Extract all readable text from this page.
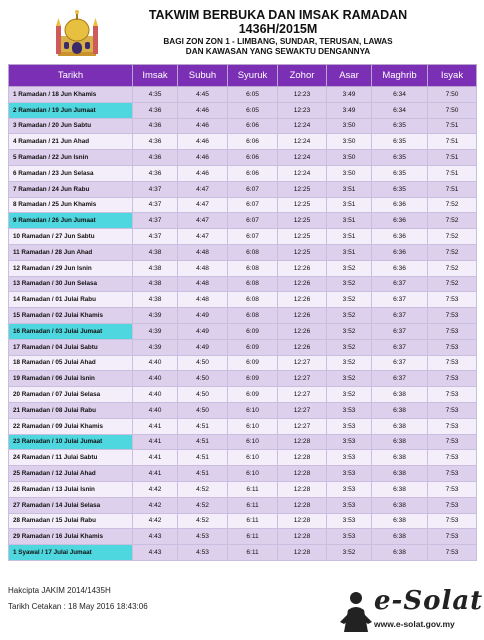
TAKWIM BERBUKA DAN IMSAK RAMADAN
1436H/2015M
BAGI ZON ZON 1 - LIMBANG, SUNDAR, TERUSAN, LAWAS
DAN KAWASAN YANG SEWAKTU DENGANNYA
Tarikh	Imsak	Subuh	Syuruk	Zohor	Asar	Maghrib	Isyak
1 Ramadan / 18 Jun Khamis	4:35	4:45	6:05	12:23	3:49	6:34	7:50
2 Ramadan / 19 Jun Jumaat	4:36	4:46	6:05	12:23	3:49	6:34	7:50
3 Ramadan / 20 Jun Sabtu	4:36	4:46	6:06	12:24	3:50	6:35	7:51
4 Ramadan / 21 Jun Ahad	4:36	4:46	6:06	12:24	3:50	6:35	7:51
5 Ramadan / 22 Jun Isnin	4:36	4:46	6:06	12:24	3:50	6:35	7:51
6 Ramadan / 23 Jun Selasa	4:36	4:46	6:06	12:24	3:50	6:35	7:51
7 Ramadan / 24 Jun Rabu	4:37	4:47	6:07	12:25	3:51	6:35	7:51
8 Ramadan / 25 Jun Khamis	4:37	4:47	6:07	12:25	3:51	6:36	7:52
9 Ramadan / 26 Jun Jumaat	4:37	4:47	6:07	12:25	3:51	6:36	7:52
10 Ramadan / 27 Jun Sabtu	4:37	4:47	6:07	12:25	3:51	6:36	7:52
11 Ramadan / 28 Jun Ahad	4:38	4:48	6:08	12:25	3:51	6:36	7:52
12 Ramadan / 29 Jun Isnin	4:38	4:48	6:08	12:26	3:52	6:36	7:52
13 Ramadan / 30 Jun Selasa	4:38	4:48	6:08	12:26	3:52	6:37	7:52
14 Ramadan / 01 Julai Rabu	4:38	4:48	6:08	12:26	3:52	6:37	7:53
15 Ramadan / 02 Julai Khamis	4:39	4:49	6:08	12:26	3:52	6:37	7:53
16 Ramadan / 03 Julai Jumaat	4:39	4:49	6:09	12:26	3:52	6:37	7:53
17 Ramadan / 04 Julai Sabtu	4:39	4:49	6:09	12:26	3:52	6:37	7:53
18 Ramadan / 05 Julai Ahad	4:40	4:50	6:09	12:27	3:52	6:37	7:53
19 Ramadan / 06 Julai Isnin	4:40	4:50	6:09	12:27	3:52	6:37	7:53
20 Ramadan / 07 Julai Selasa	4:40	4:50	6:09	12:27	3:52	6:38	7:53
21 Ramadan / 08 Julai Rabu	4:40	4:50	6:10	12:27	3:53	6:38	7:53
22 Ramadan / 09 Julai Khamis	4:41	4:51	6:10	12:27	3:53	6:38	7:53
23 Ramadan / 10 Julai Jumaat	4:41	4:51	6:10	12:28	3:53	6:38	7:53
24 Ramadan / 11 Julai Sabtu	4:41	4:51	6:10	12:28	3:53	6:38	7:53
25 Ramadan / 12 Julai Ahad	4:41	4:51	6:10	12:28	3:53	6:38	7:53
26 Ramadan / 13 Julai Isnin	4:42	4:52	6:11	12:28	3:53	6:38	7:53
27 Ramadan / 14 Julai Selasa	4:42	4:52	6:11	12:28	3:53	6:38	7:53
28 Ramadan / 15 Julai Rabu	4:42	4:52	6:11	12:28	3:53	6:38	7:53
29 Ramadan / 16 Julai Khamis	4:43	4:53	6:11	12:28	3:53	6:38	7:53
1 Syawal / 17 Julai Jumaat	4:43	4:53	6:11	12:28	3:52	6:38	7:53
Hakcipta JAKIM 2014/1435H
Tarikh Cetakan : 18 May 2016 18:43:06	e-Solat
www.e-solat.gov.my
